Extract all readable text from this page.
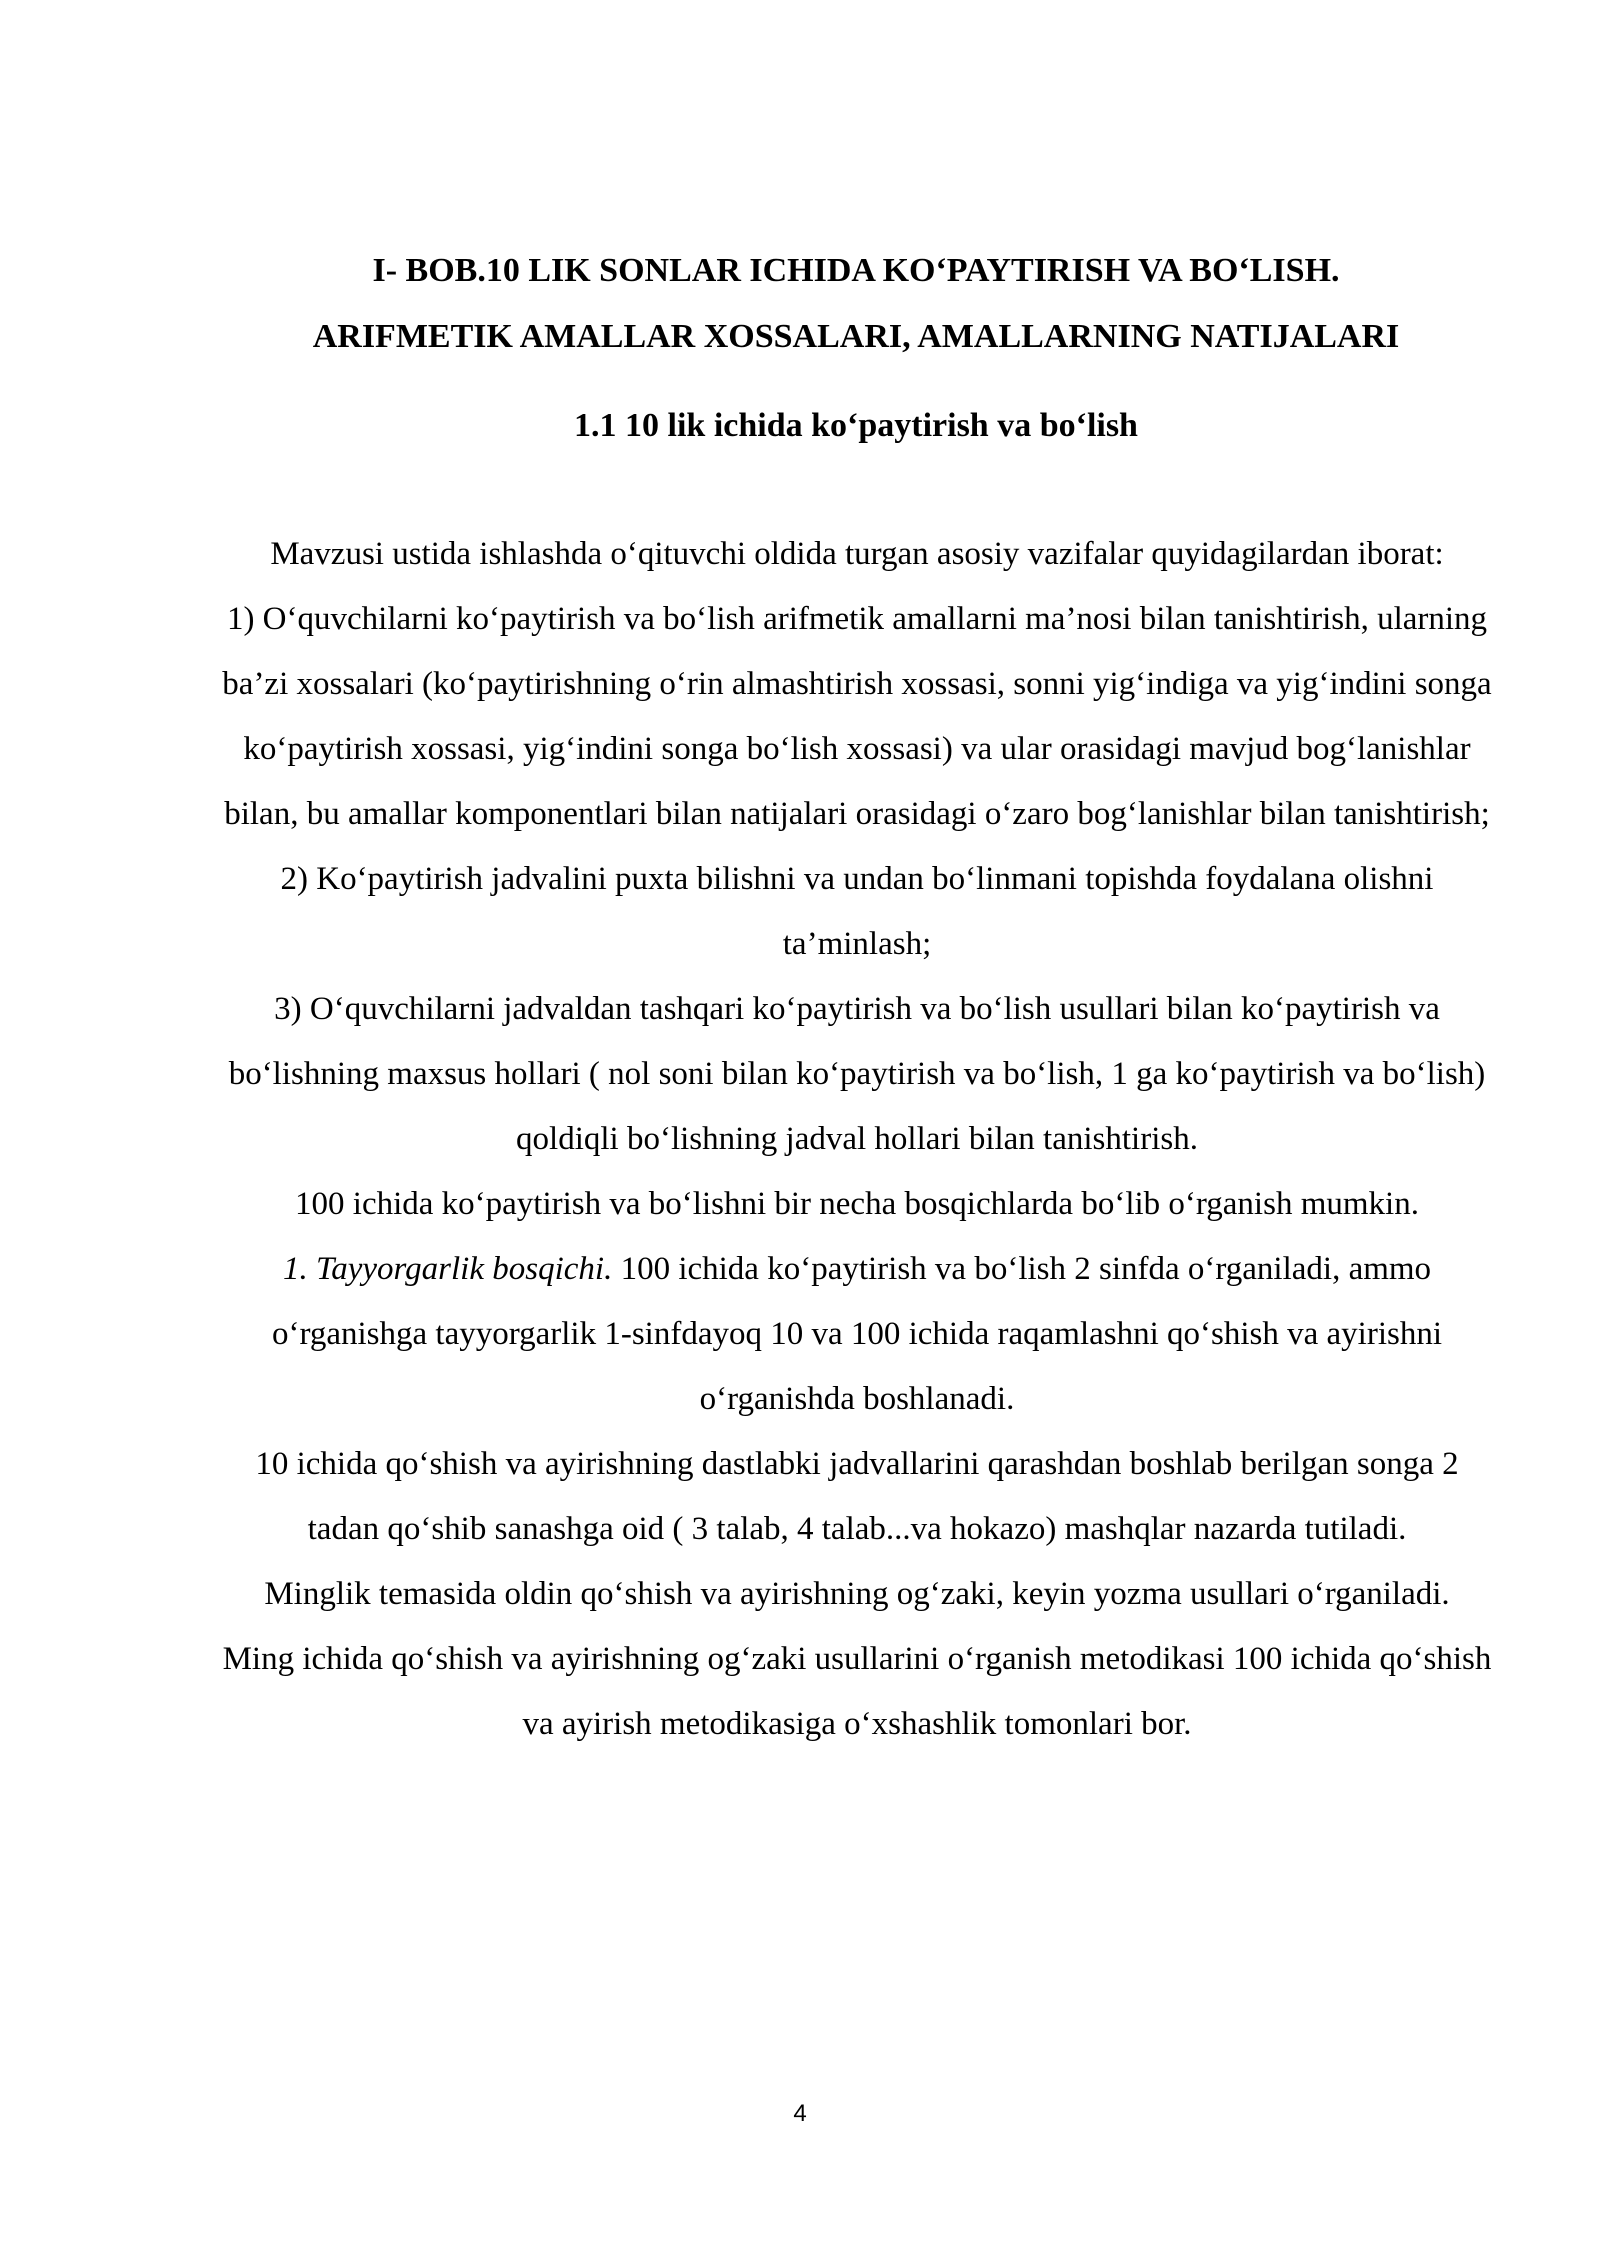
I- BOB.10 LIK SONLAR ICHIDA KO‘PAYTIRISH VA BO‘LISH.
ARIFMETIK AMALLAR XOSSALARI, AMALLARNING NATIJALARI

1.1 10 lik ichida ko‘paytirish va bo‘lish

Mavzusi ustida ishlashda o‘qituvchi oldida turgan asosiy vazifalar quyidagilardan iborat:

1) O‘quvchilarni ko‘paytirish va bo‘lish arifmetik amallarni ma’nosi bilan tanishtirish, ularning ba’zi xossalari (ko‘paytirishning o‘rin almashtirish xossasi, sonni yig‘indiga va yig‘indini songa ko‘paytirish xossasi, yig‘indini songa bo‘lish xossasi) va ular orasidagi mavjud bog‘lanishlar bilan, bu amallar komponentlari bilan natijalari orasidagi o‘zaro bog‘lanishlar bilan tanishtirish;

2) Ko‘paytirish jadvalini puxta bilishni va undan bo‘linmani topishda foydalana olishni ta’minlash;

3) O‘quvchilarni jadvaldan tashqari ko‘paytirish va bo‘lish usullari bilan ko‘paytirish va bo‘lishning maxsus hollari ( nol soni bilan ko‘paytirish va bo‘lish, 1 ga ko‘paytirish va bo‘lish) qoldiqli bo‘lishning jadval hollari bilan tanishtirish.

100 ichida ko‘paytirish va bo‘lishni bir necha bosqichlarda bo‘lib o‘rganish mumkin.

1. Tayyorgarlik bosqichi. 100 ichida ko‘paytirish va bo‘lish 2 sinfda o‘rganiladi, ammo o‘rganishga tayyorgarlik 1-sinfdayoq 10 va 100 ichida raqamlashni qo‘shish va ayirishni o‘rganishda boshlanadi.

10 ichida qo‘shish va ayirishning dastlabki jadvallarini qarashdan boshlab berilgan songa 2 tadan qo‘shib sanashga oid ( 3 talab, 4 talab...va hokazo) mashqlar nazarda tutiladi.

Minglik temasida oldin qo‘shish va ayirishning og‘zaki, keyin yozma usullari o‘rganiladi.

Ming ichida qo‘shish va ayirishning og‘zaki usullarini o‘rganish metodikasi 100 ichida qo‘shish va ayirish metodikasiga o‘xshashlik tomonlari bor.

4
